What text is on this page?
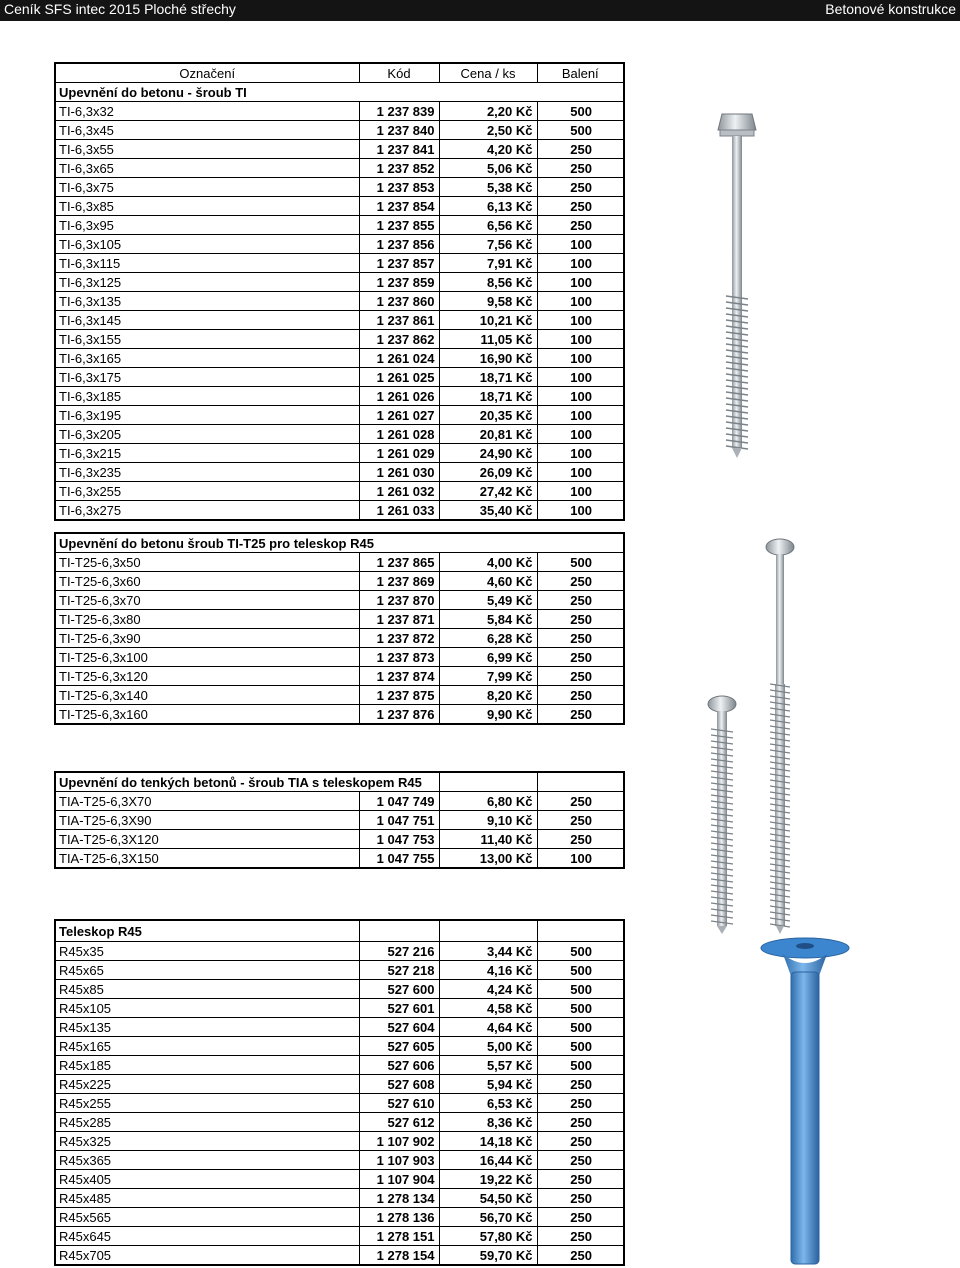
Ceník SFS intec 2015 Ploché střechy	Betonové konstrukce
Označení	Kód	Cena / ks	Balení
Upevnění do betonu - šroub TI			
TI-6,3x32	1 237 839	2,20 Kč	500
TI-6,3x45	1 237 840	2,50 Kč	500
TI-6,3x55	1 237 841	4,20 Kč	250
TI-6,3x65	1 237 852	5,06 Kč	250
TI-6,3x75	1 237 853	5,38 Kč	250
TI-6,3x85	1 237 854	6,13 Kč	250
TI-6,3x95	1 237 855	6,56 Kč	250
TI-6,3x105	1 237 856	7,56 Kč	100
TI-6,3x115	1 237 857	7,91 Kč	100
TI-6,3x125	1 237 859	8,56 Kč	100
TI-6,3x135	1 237 860	9,58 Kč	100
TI-6,3x145	1 237 861	10,21 Kč	100
TI-6,3x155	1 237 862	11,05 Kč	100
TI-6,3x165	1 261 024	16,90 Kč	100
TI-6,3x175	1 261 025	18,71 Kč	100
TI-6,3x185	1 261 026	18,71 Kč	100
TI-6,3x195	1 261 027	20,35 Kč	100
TI-6,3x205	1 261 028	20,81 Kč	100
TI-6,3x215	1 261 029	24,90 Kč	100
TI-6,3x235	1 261 030	26,09 Kč	100
TI-6,3x255	1 261 032	27,42 Kč	100
TI-6,3x275	1 261 033	35,40 Kč	100
Upevnění do betonu šroub TI-T25 pro teleskop R45			
TI-T25-6,3x50	1 237 865	4,00 Kč	500
TI-T25-6,3x60	1 237 869	4,60 Kč	250
TI-T25-6,3x70	1 237 870	5,49 Kč	250
TI-T25-6,3x80	1 237 871	5,84 Kč	250
TI-T25-6,3x90	1 237 872	6,28 Kč	250
TI-T25-6,3x100	1 237 873	6,99 Kč	250
TI-T25-6,3x120	1 237 874	7,99 Kč	250
TI-T25-6,3x140	1 237 875	8,20 Kč	250
TI-T25-6,3x160	1 237 876	9,90 Kč	250
Upevnění do tenkých betonů - šroub TIA s teleskopem R45			
TIA-T25-6,3X70	1 047 749	6,80 Kč	250
TIA-T25-6,3X90	1 047 751	9,10 Kč	250
TIA-T25-6,3X120	1 047 753	11,40 Kč	250
TIA-T25-6,3X150	1 047 755	13,00 Kč	100
Teleskop R45			
R45x35	527 216	3,44 Kč	500
R45x65	527 218	4,16 Kč	500
R45x85	527 600	4,24 Kč	500
R45x105	527 601	4,58 Kč	500
R45x135	527 604	4,64 Kč	500
R45x165	527 605	5,00 Kč	500
R45x185	527 606	5,57 Kč	500
R45x225	527 608	5,94 Kč	250
R45x255	527 610	6,53 Kč	250
R45x285	527 612	8,36 Kč	250
R45x325	1 107 902	14,18 Kč	250
R45x365	1 107 903	16,44 Kč	250
R45x405	1 107 904	19,22 Kč	250
R45x485	1 278 134	54,50 Kč	250
R45x565	1 278 136	56,70 Kč	250
R45x645	1 278 151	57,80 Kč	250
R45x705	1 278 154	59,70 Kč	250
